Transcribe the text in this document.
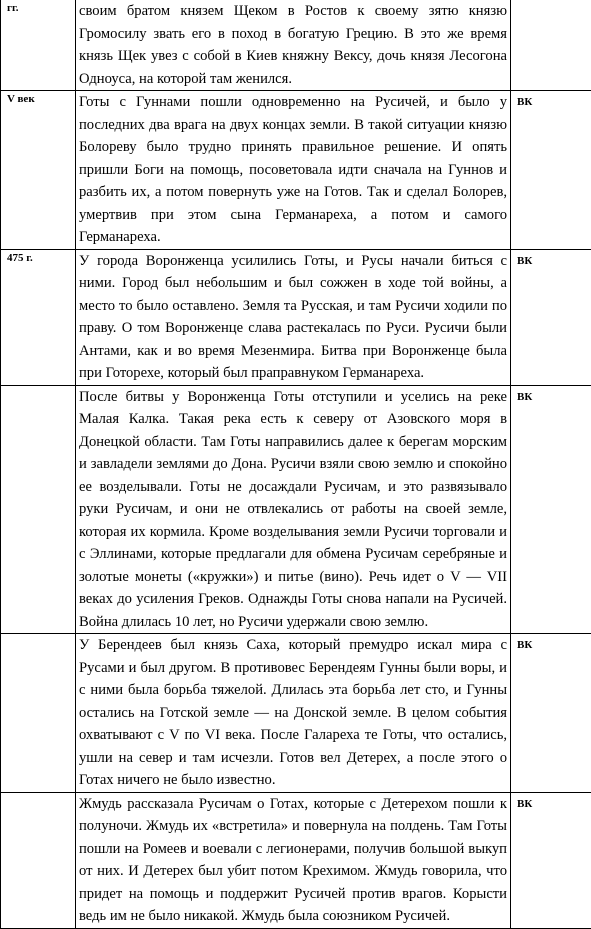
гг.	своим братом князем Щеком в Ростов к своему зятю князю Громосилу звать его в поход в богатую Грецию. В это же время князь Щек увез с собой в Киев княжну Вексу, дочь князя Лесогона Одноуса, на которой там женился.	

V век	Готы с Гуннами пошли одновременно на Русичей, и было у последних два врага на двух концах земли. В такой ситуации князю Болореву было трудно принять правильное решение. И опять пришли Боги на помощь, посоветовала идти сначала на Гуннов и разбить их, а потом повернуть уже на Готов. Так и сделал Болорев, умертвив при этом сына Германареха, а потом и самого Германареха.	ВК
475 г.	У города Воронженца усилились Готы, и Русы начали биться с ними. Город был небольшим и был сожжен в ходе той войны, а место то было оставлено. Земля та Русская, и там Русичи ходили по праву. О том Воронженце слава растекалась по Руси. Русичи были Антами, как и во время Мезенмира. Битва при Воронженце была при Готорехе, который был праправнуком Германареха.	ВК

	После битвы у Воронженца Готы отступили и уселись на реке Малая Калка. Такая река есть к северу от Азовского моря в Донецкой области. Там Готы направились далее к берегам морским и завладели землями до Дона. Русичи взяли свою землю и спокойно ее возделывали. Готы не досаждали Русичам, и это развязывало руки Русичам, и они не отвлекались от работы на своей земле, которая их кормила. Кроме возделывания земли Русичи торговали и с Эллинами, которые предлагали для обмена Русичам серебряные и золотые монеты («кружки») и питье (вино). Речь идет о V — VII веках до усиления Греков. Однажды Готы снова напали на Русичей. Война длилась 10 лет, но Русичи удержали свою землю.	ВК

	У Берендеев был князь Саха, который премудро искал мира с Русами и был другом. В противовес Берендеям Гунны были воры, и с ними была борьба тяжелой. Длилась эта борьба лет сто, и Гунны остались на Готской земле — на Донской земле. В целом события охватывают с V по VI века. После Галареха те Готы, что остались, ушли на север и там исчезли. Готов вел Детерех, а после этого о Готах ничего не было известно.	ВК

	Жмудь рассказала Русичам о Готах, которые с Детерехом пошли к полуночи. Жмудь их «встретила» и повернула на полдень. Там Готы пошли на Ромеев и воевали с легионерами, получив большой выкуп от них. И Детерех был убит потом Крехимом. Жмудь говорила, что придет на помощь и поддержит Русичей против врагов. Корысти ведь им не было никакой. Жмудь была союзником Русичей.	ВК
